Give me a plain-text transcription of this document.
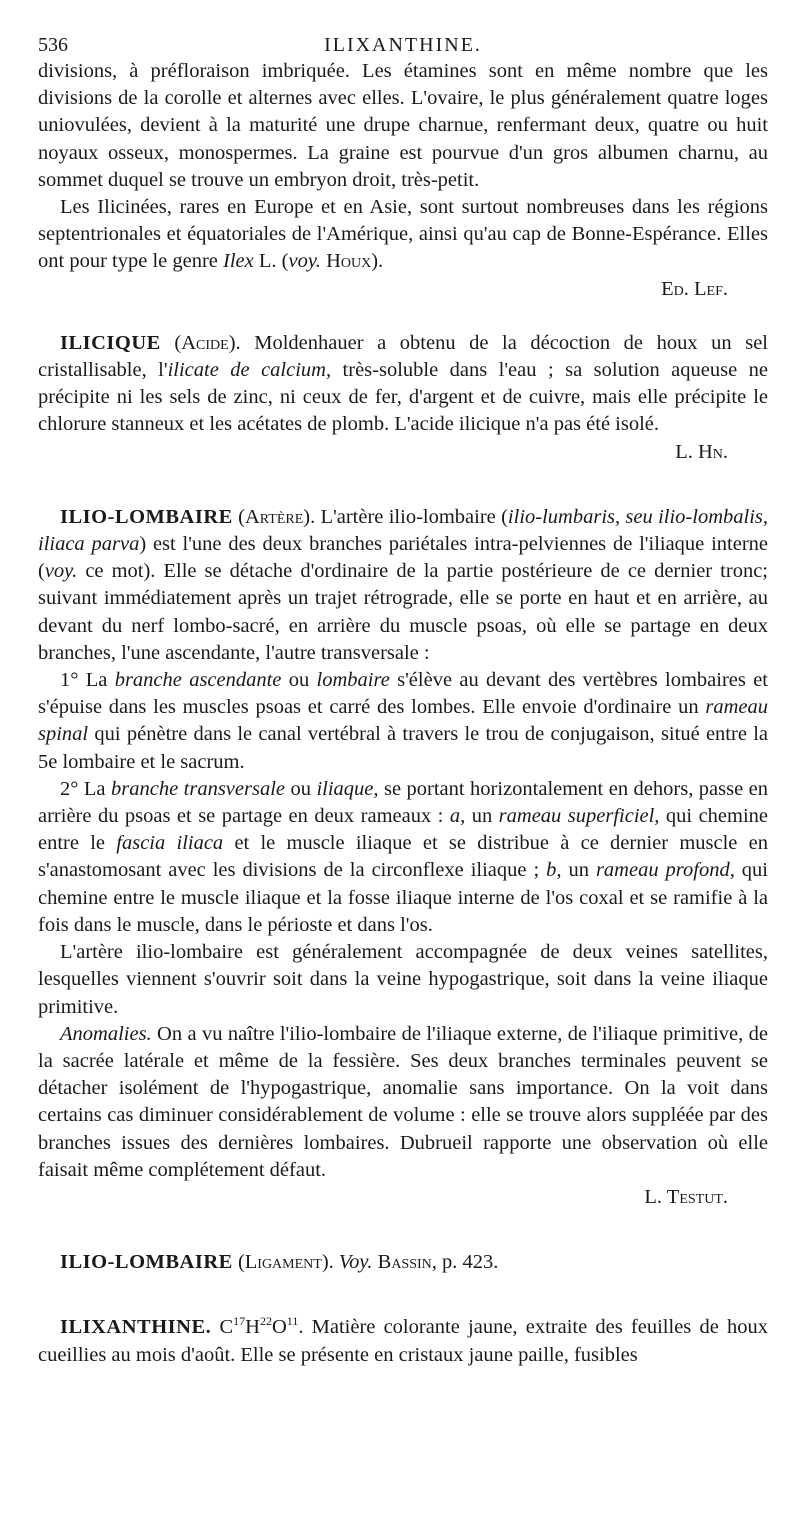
536	ILIXANTHINE.

divisions, à préfloraison imbriquée. Les étamines sont en même nombre que les divisions de la corolle et alternes avec elles. L'ovaire, le plus généralement quatre loges uniovulées, devient à la maturité une drupe charnue, renfermant deux, quatre ou huit noyaux osseux, monospermes. La graine est pourvue d'un gros albumen charnu, au sommet duquel se trouve un embryon droit, très-petit.

Les Ilicinées, rares en Europe et en Asie, sont surtout nombreuses dans les régions septentrionales et équatoriales de l'Amérique, ainsi qu'au cap de Bonne-Espérance. Elles ont pour type le genre Ilex L. (voy. Houx).

Ed. Lef.

ILICIQUE (Acide). Moldenhauer a obtenu de la décoction de houx un sel cristallisable, l'ilicate de calcium, très-soluble dans l'eau ; sa solution aqueuse ne précipite ni les sels de zinc, ni ceux de fer, d'argent et de cuivre, mais elle précipite le chlorure stanneux et les acétates de plomb. L'acide ilicique n'a pas été isolé.

L. Hn.

ILIO-LOMBAIRE (Artère). L'artère ilio-lombaire (ilio-lumbaris, seu ilio-lombalis, iliaca parva) est l'une des deux branches pariétales intra-pelviennes de l'iliaque interne (voy. ce mot). Elle se détache d'ordinaire de la partie postérieure de ce dernier tronc; suivant immédiatement après un trajet rétrograde, elle se porte en haut et en arrière, au devant du nerf lombo-sacré, en arrière du muscle psoas, où elle se partage en deux branches, l'une ascendante, l'autre transversale :

1° La branche ascendante ou lombaire s'élève au devant des vertèbres lombaires et s'épuise dans les muscles psoas et carré des lombes. Elle envoie d'ordinaire un rameau spinal qui pénètre dans le canal vertébral à travers le trou de conjugaison, situé entre la 5e lombaire et le sacrum.

2° La branche transversale ou iliaque, se portant horizontalement en dehors, passe en arrière du psoas et se partage en deux rameaux : a, un rameau superficiel, qui chemine entre le fascia iliaca et le muscle iliaque et se distribue à ce dernier muscle en s'anastomosant avec les divisions de la circonflexe iliaque ; b, un rameau profond, qui chemine entre le muscle iliaque et la fosse iliaque interne de l'os coxal et se ramifie à la fois dans le muscle, dans le périoste et dans l'os.

L'artère ilio-lombaire est généralement accompagnée de deux veines satellites, lesquelles viennent s'ouvrir soit dans la veine hypogastrique, soit dans la veine iliaque primitive.

Anomalies. On a vu naître l'ilio-lombaire de l'iliaque externe, de l'iliaque primitive, de la sacrée latérale et même de la fessière. Ses deux branches terminales peuvent se détacher isolément de l'hypogastrique, anomalie sans importance. On la voit dans certains cas diminuer considérablement de volume : elle se trouve alors suppléée par des branches issues des dernières lombaires. Dubrueil rapporte une observation où elle faisait même complétement défaut.

L. Testut.

ILIO-LOMBAIRE (Ligament). Voy. Bassin, p. 423.

ILIXANTHINE. $C^{17}H^{22}O^{11}$. Matière colorante jaune, extraite des feuilles de houx cueillies au mois d'août. Elle se présente en cristaux jaune paille, fusibles
